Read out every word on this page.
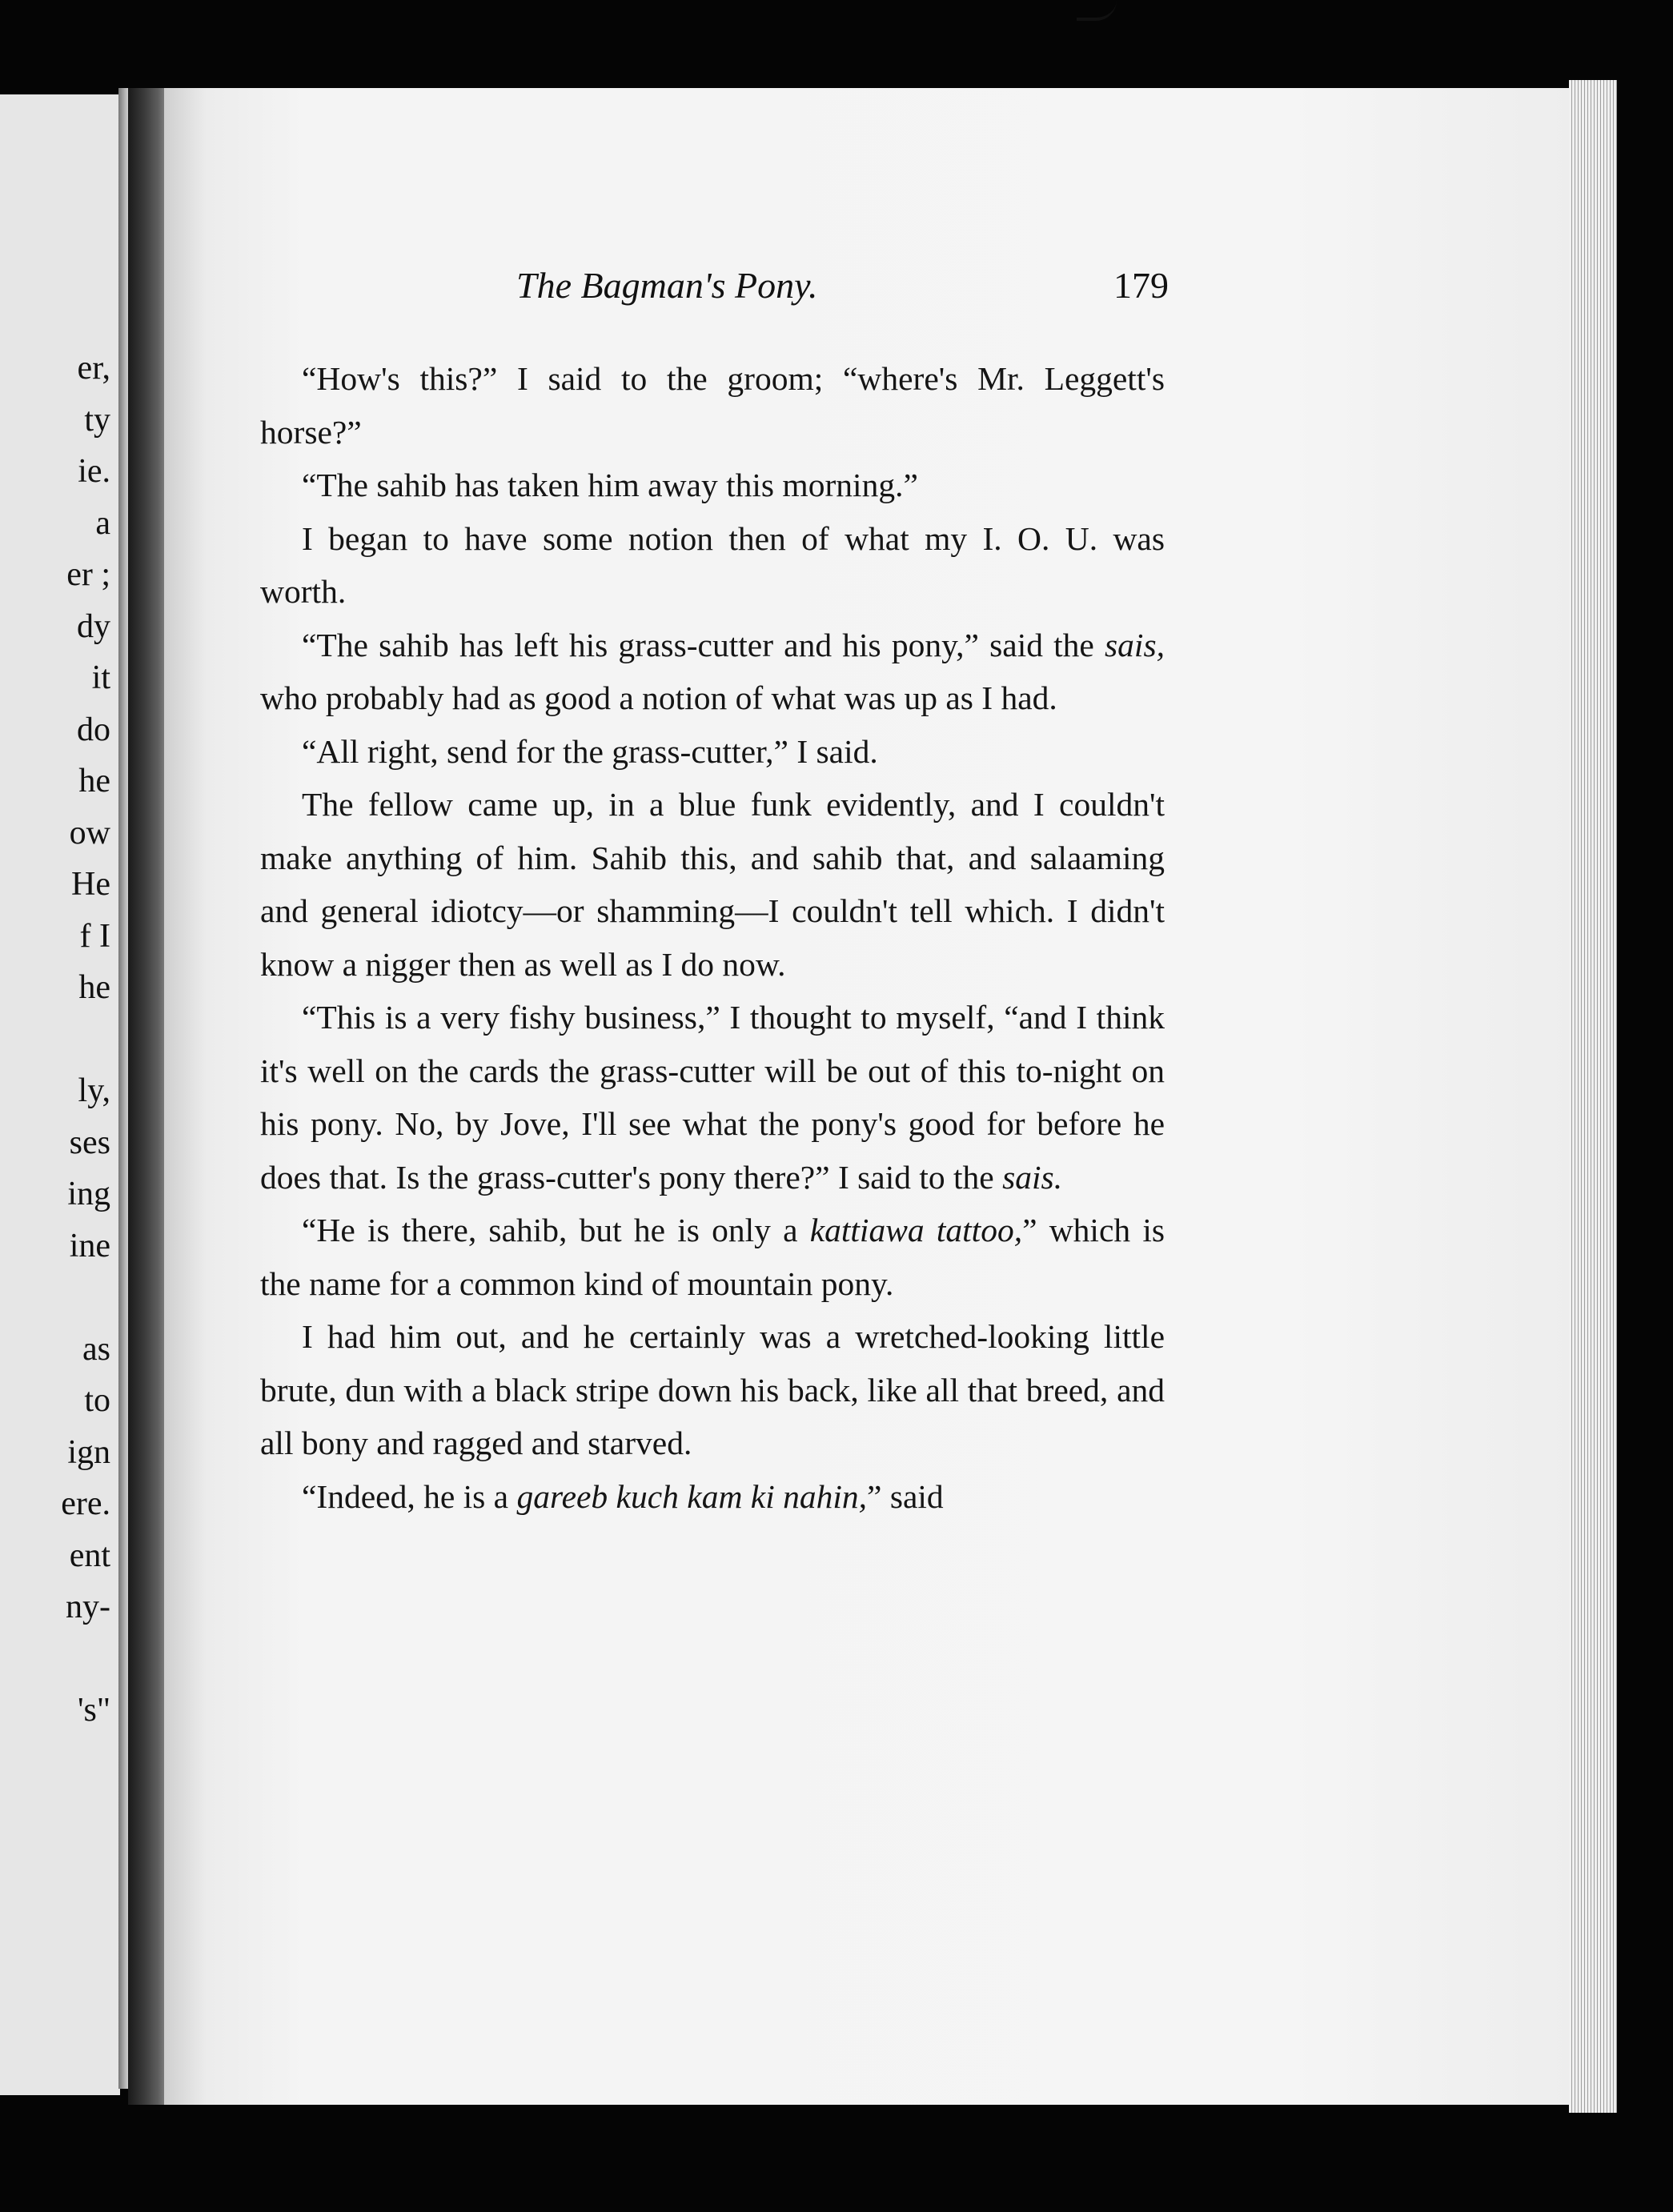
er,
ty
ie.
a
er ;
dy
it
do
he
ow
He
f I
he
ly,
ses
ing
ine
as
to
ign
ere.
ent
ny-
's"
The Bagman's Pony.	179

“How's this?” I said to the groom; “where's Mr. Leggett's horse?”

“The sahib has taken him away this morning.”

I began to have some notion then of what my I. O. U. was worth.

“The sahib has left his grass-cutter and his pony,” said the sais, who probably had as good a notion of what was up as I had.

“All right, send for the grass-cutter,” I said.

The fellow came up, in a blue funk evidently, and I couldn't make anything of him. Sahib this, and sahib that, and salaaming and general idiotcy—or shamming—I couldn't tell which. I didn't know a nigger then as well as I do now.

“This is a very fishy business,” I thought to myself, “and I think it's well on the cards the grass-cutter will be out of this to-night on his pony. No, by Jove, I'll see what the pony's good for before he does that. Is the grass-cutter's pony there?” I said to the sais.

“He is there, sahib, but he is only a kattiawa tattoo,” which is the name for a common kind of mountain pony.

I had him out, and he certainly was a wretched-looking little brute, dun with a black stripe down his back, like all that breed, and all bony and ragged and starved.

“Indeed, he is a gareeb kuch kam ki nahin,” said
